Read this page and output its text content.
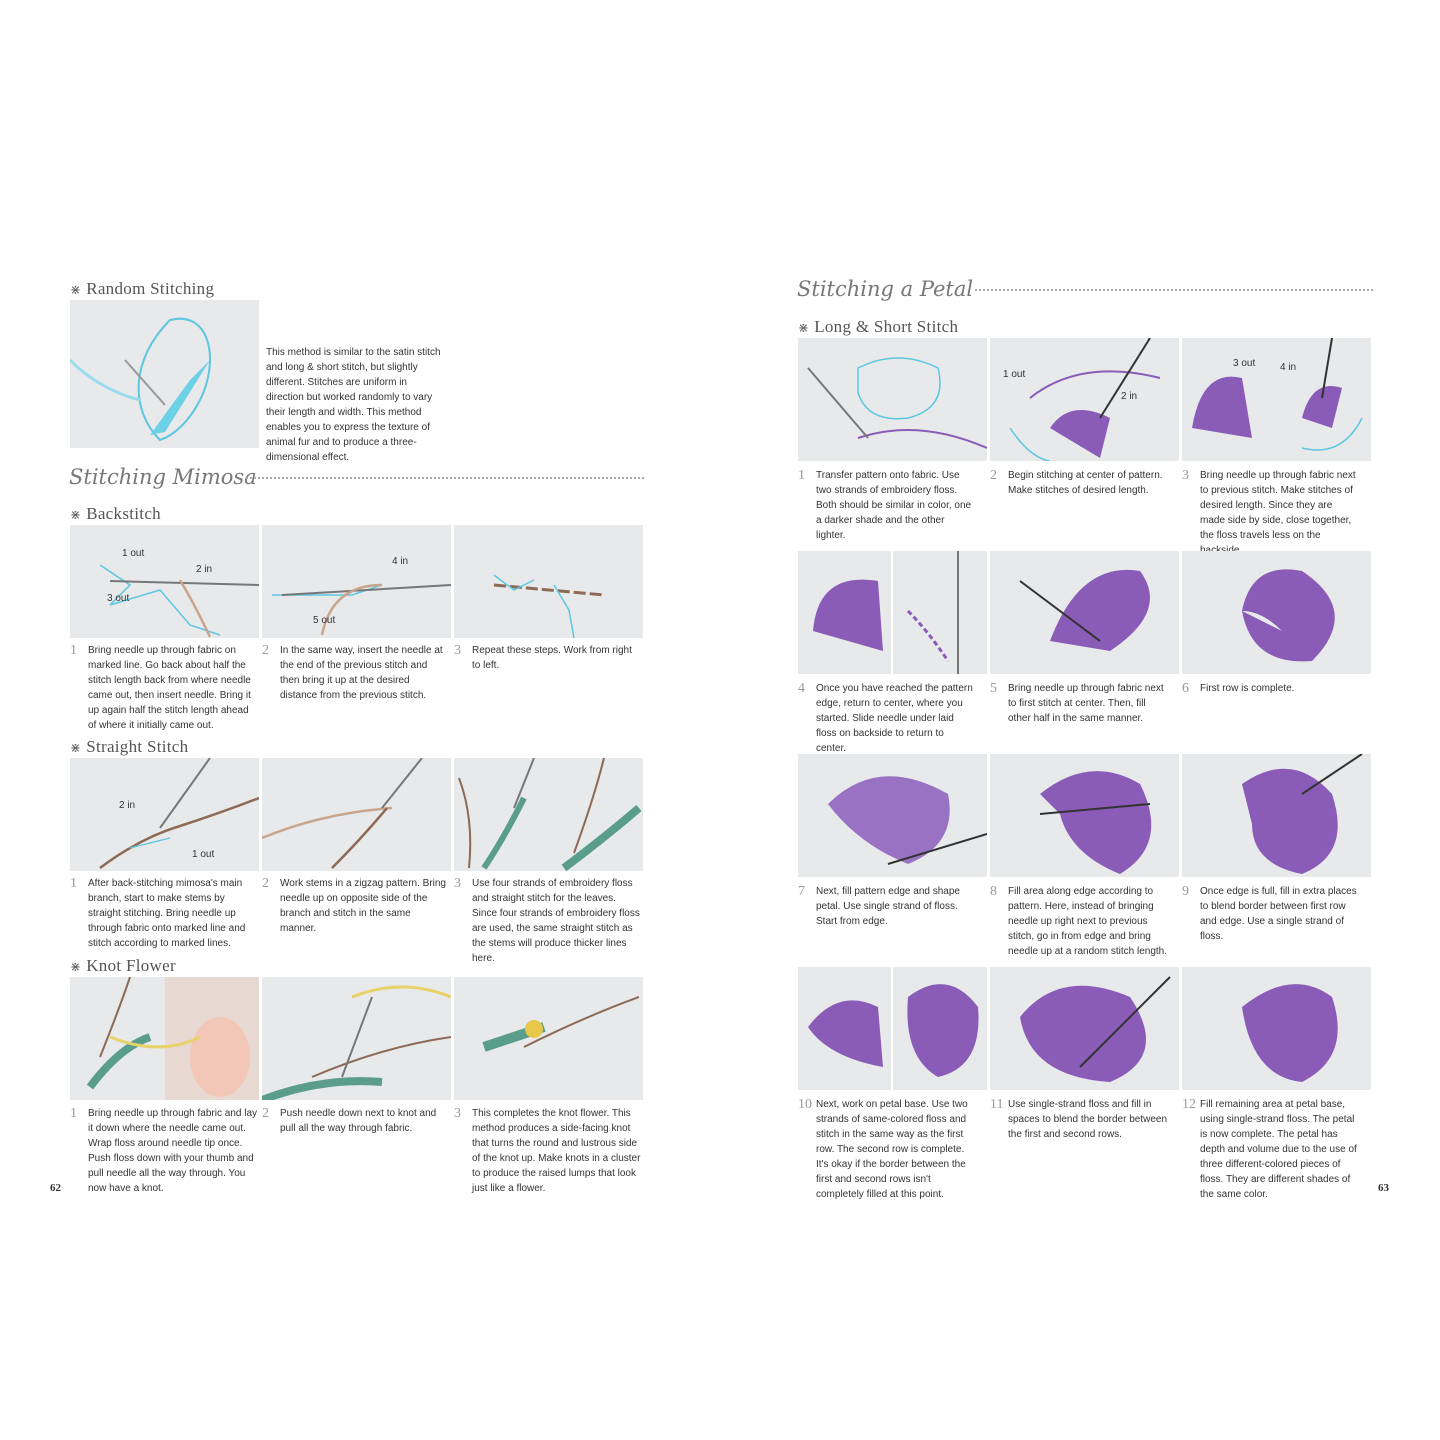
⋇ Random Stitching
This method is similar to the satin stitch and long & short stitch, but slightly different. Stitches are uniform in direction but worked randomly to vary their length and width. This method enables you to express the texture of animal fur and to produce a three-dimensional effect.
Stitching Mimosa
⋇ Backstitch
1 out
2 in
3 out
4 in
5 out
1 Bring needle up through fabric on marked line. Go back about half the stitch length back from where needle came out, then insert needle. Bring it up again half the stitch length ahead of where it initially came out.
2 In the same way, insert the needle at the end of the previous stitch and then bring it up at the desired distance from the previous stitch.
3 Repeat these steps. Work from right to left.
⋇ Straight Stitch
2 in
1 out
1 After back-stitching mimosa's main branch, start to make stems by straight stitching. Bring needle up through fabric onto marked line and stitch according to marked lines.
2 Work stems in a zigzag pattern. Bring needle up on opposite side of the branch and stitch in the same manner.
3 Use four strands of embroidery floss and straight stitch for the leaves. Since four strands of embroidery floss are used, the same straight stitch as the stems will produce thicker lines here.
⋇ Knot Flower
1 Bring needle up through fabric and lay it down where the needle came out. Wrap floss around needle tip once. Push floss down with your thumb and pull needle all the way through. You now have a knot.
2 Push needle down next to knot and pull all the way through fabric.
3 This completes the knot flower. This method produces a side-facing knot that turns the round and lustrous side of the knot up. Make knots in a cluster to produce the raised lumps that look just like a flower.
62
Stitching a Petal
⋇ Long & Short Stitch
1 out
2 in
3 out 4 in
1 Transfer pattern onto fabric. Use two strands of embroidery floss. Both should be similar in color, one a darker shade and the other lighter.
2 Begin stitching at center of pattern. Make stitches of desired length.
3 Bring needle up through fabric next to previous stitch. Make stitches of desired length. Since they are made side by side, close together, the floss travels less on the
4 Once you have reached the pattern edge, return to center, where you started. Slide needle under laid floss on backside to return to center.
5 Bring needle up through fabric next to first stitch at center. Then, fill other half in the same manner.
6 First row is complete.
7 Next, fill pattern edge and shape petal. Use single strand of floss. Start from edge.
8 Fill area along edge according to pattern. Here, instead of bringing needle up right next to previous stitch, go in from edge and bring needle up at a random stitch length.
9 Once edge is full, fill in extra places to blend border between first row and edge. Use a single strand of floss.
10 Next, work on petal base. Use two strands of same-colored floss and stitch in the same way as the first row. The second row is complete. It's okay if the border between the first and second rows isn't completely filled at this point.
11 Use single-strand floss and fill in spaces to blend the border between the first and second rows.
12 Fill remaining area at petal base, using single-strand floss. The petal is now complete. The petal has depth and volume due to the use of three different-colored pieces of floss. They are different shades of the same color.
63
